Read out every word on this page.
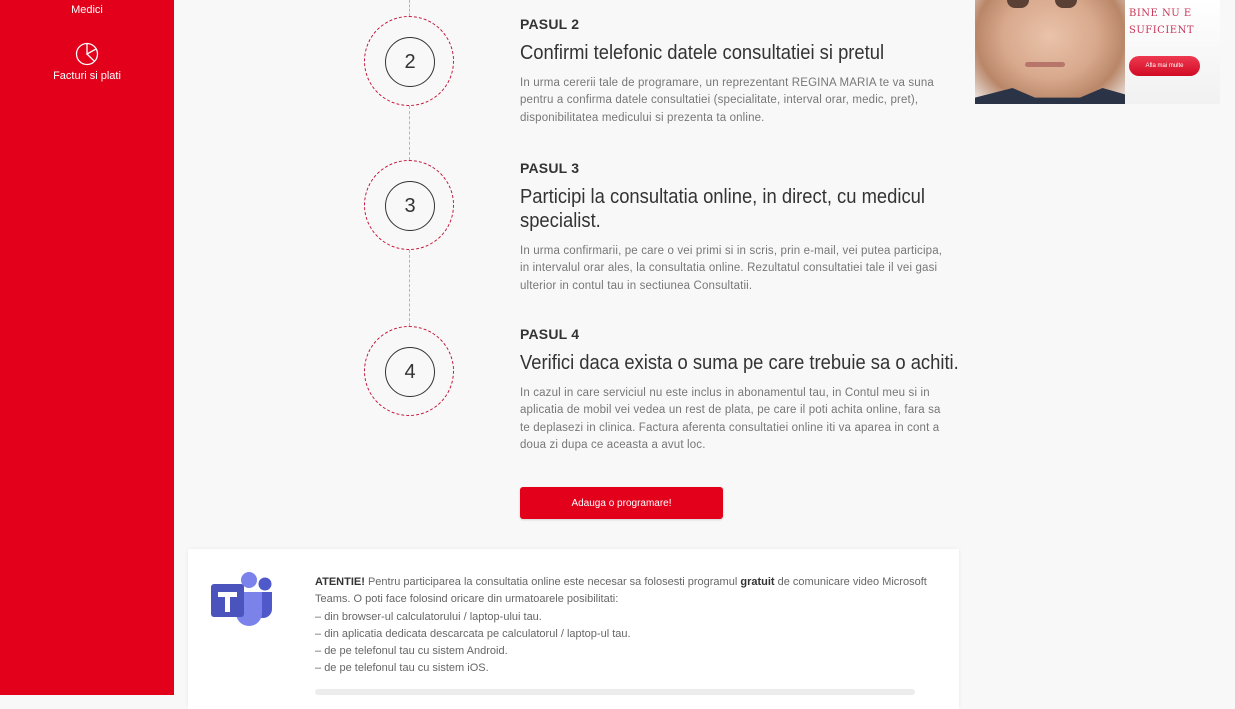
Medici
Facturi si plati
2
PASUL 2
Confirmi telefonic datele consultatiei si pretul
In urma cererii tale de programare, un reprezentant REGINA MARIA te va suna pentru a confirma datele consultatiei (specialitate, interval orar, medic, pret), disponibilitatea medicului si prezenta ta online.
3
PASUL 3
Participi la consultatia online, in direct, cu medicul specialist.
In urma confirmarii, pe care o vei primi si in scris, prin e-mail, vei putea participa, in intervalul orar ales, la consultatia online. Rezultatul consultatiei tale il vei gasi ulterior in contul tau in sectiunea Consultatii.
4
PASUL 4
Verifici daca exista o suma pe care trebuie sa o achiti.
In cazul in care serviciul nu este inclus in abonamentul tau, in Contul meu si in aplicatia de mobil vei vedea un rest de plata, pe care il poti achita online, fara sa te deplasezi in clinica. Factura aferenta consultatiei online iti va aparea in cont a doua zi dupa ce aceasta a avut loc.
Adauga o programare!

ATENTIE! Pentru participarea la consultatia online este necesar sa folosesti programul gratuit de comunicare video Microsoft Teams. O poti face folosind oricare din urmatoarele posibilitati:

– din browser-ul calculatorului / laptop-ului tau.
– din aplicatia dedicata descarcata pe calculatorul / laptop-ul tau.
– de pe telefonul tau cu sistem Android.
– de pe telefonul tau cu sistem iOS.
BINE NU E
SUFICIENT
Afla mai multe
